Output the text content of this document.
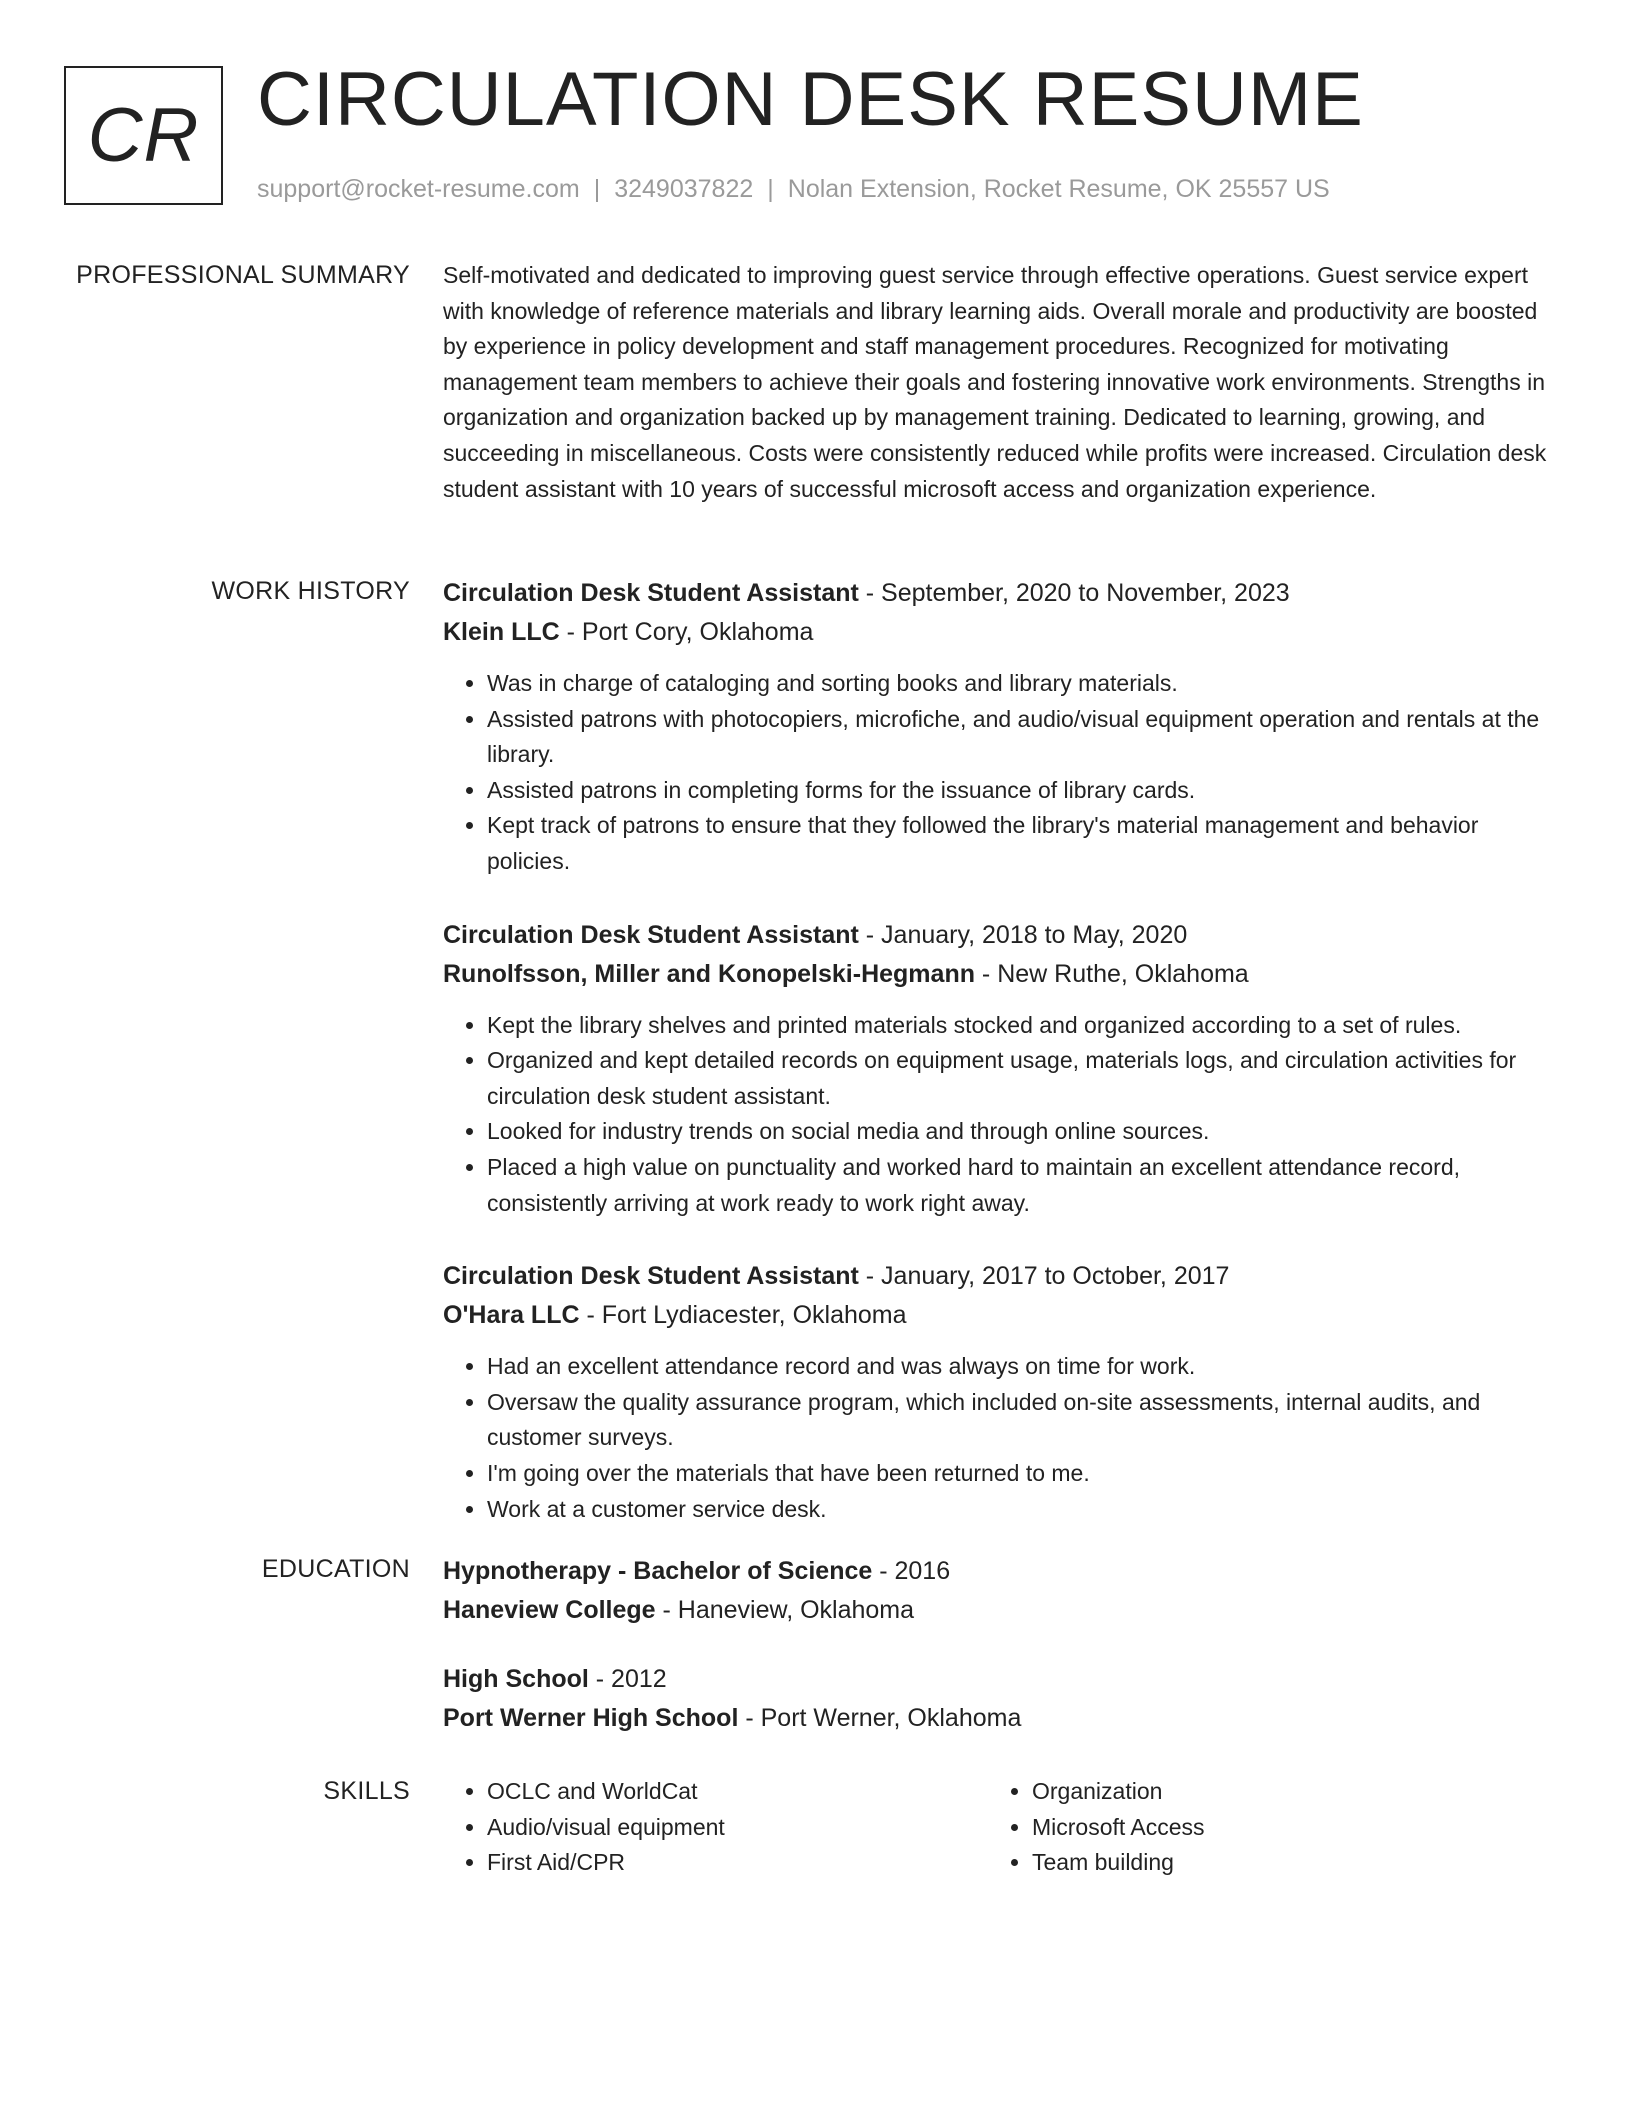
CR CIRCULATION DESK RESUME
support@rocket-resume.com | 3249037822 | Nolan Extension, Rocket Resume, OK 25557 US
PROFESSIONAL SUMMARY Self-motivated and dedicated to improving guest service through effective operations. Guest service expert with knowledge of reference materials and library learning aids. Overall morale and productivity are boosted by experience in policy development and staff management procedures. Recognized for motivating management team members to achieve their goals and fostering innovative work environments. Strengths in organization and organization backed up by management training. Dedicated to learning, growing, and succeeding in miscellaneous. Costs were consistently reduced while profits were increased. Circulation desk student assistant with 10 years of successful microsoft access and organization experience.

WORK HISTORY Circulation Desk Student Assistant - September, 2020 to November, 2023
Klein LLC - Port Cory, Oklahoma
• Was in charge of cataloging and sorting books and library materials.
• Assisted patrons with photocopiers, microfiche, and audio/visual equipment operation and rentals at the library.
• Assisted patrons in completing forms for the issuance of library cards.
• Kept track of patrons to ensure that they followed the library's material management and behavior policies.
Circulation Desk Student Assistant - January, 2018 to May, 2020
Runolfsson, Miller and Konopelski-Hegmann - New Ruthe, Oklahoma
• Kept the library shelves and printed materials stocked and organized according to a set of rules.
• Organized and kept detailed records on equipment usage, materials logs, and circulation activities for circulation desk student assistant.
• Looked for industry trends on social media and through online sources.
• Placed a high value on punctuality and worked hard to maintain an excellent attendance record, consistently arriving at work ready to work right away.
Circulation Desk Student Assistant - January, 2017 to October, 2017
O'Hara LLC - Fort Lydiacester, Oklahoma
• Had an excellent attendance record and was always on time for work.
• Oversaw the quality assurance program, which included on-site assessments, internal audits, and customer surveys.
• I'm going over the materials that have been returned to me.
• Work at a customer service desk.
EDUCATION Hypnotherapy - Bachelor of Science - 2016
Haneview College - Haneview, Oklahoma
High School - 2012
Port Werner High School - Port Werner, Oklahoma
SKILLS
•	OCLC and WorldCat
• Audio/visual equipment
• First Aid/CPR
• Organization
• Microsoft Access
• Team building
